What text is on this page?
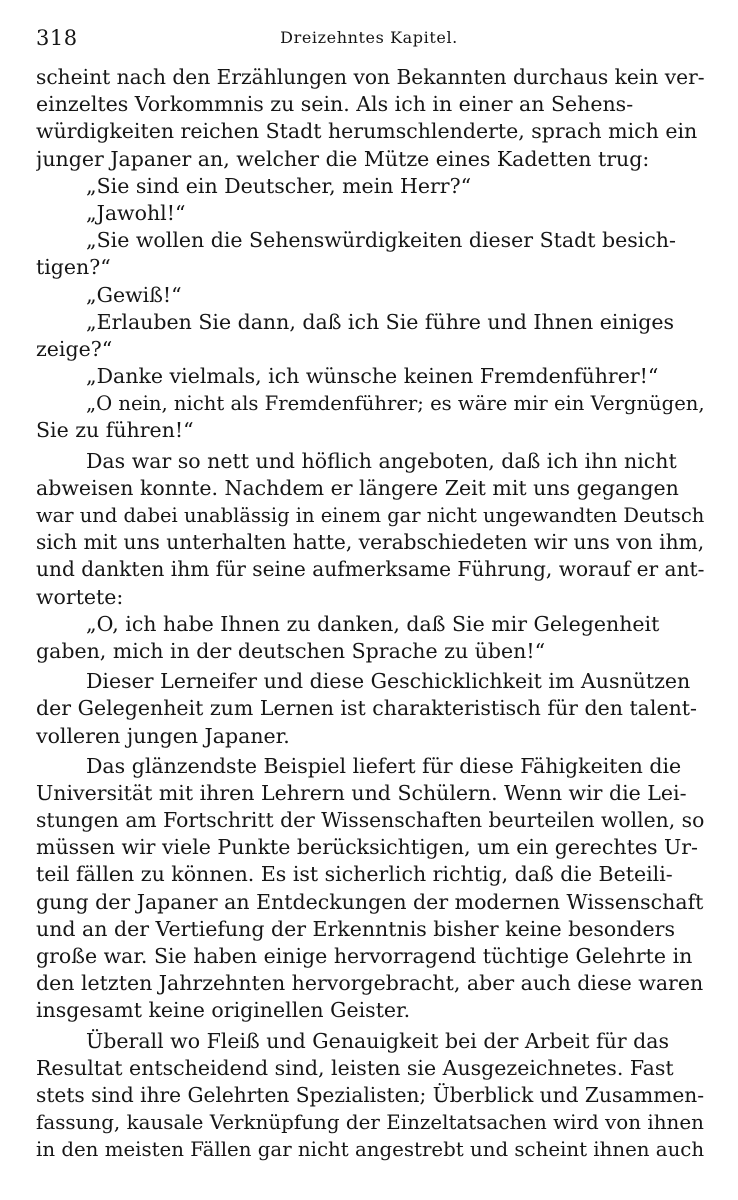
318	Dreizehntes Kapitel.
scheint nach den Erzählungen von Bekannten durchaus kein ver-
einzeltes Vorkommnis zu sein. Als ich in einer an Sehens-
würdigkeiten reichen Stadt herumschlenderte, sprach mich ein
junger Japaner an, welcher die Mütze eines Kadetten trug:
„Sie sind ein Deutscher, mein Herr?“
„Jawohl!“
„Sie wollen die Sehenswürdigkeiten dieser Stadt besich-
tigen?“
„Gewiß!“
„Erlauben Sie dann, daß ich Sie führe und Ihnen einiges
zeige?“
„Danke vielmals, ich wünsche keinen Fremdenführer!“
„O nein, nicht als Fremdenführer; es wäre mir ein Vergnügen,
Sie zu führen!“
Das war so nett und höflich angeboten, daß ich ihn nicht
abweisen konnte. Nachdem er längere Zeit mit uns gegangen
war und dabei unablässig in einem gar nicht ungewandten Deutsch
sich mit uns unterhalten hatte, verabschiedeten wir uns von ihm,
und dankten ihm für seine aufmerksame Führung, worauf er ant-
wortete:
„O, ich habe Ihnen zu danken, daß Sie mir Gelegenheit
gaben, mich in der deutschen Sprache zu üben!“
Dieser Lerneifer und diese Geschicklichkeit im Ausnützen
der Gelegenheit zum Lernen ist charakteristisch für den talent-
volleren jungen Japaner.
Das glänzendste Beispiel liefert für diese Fähigkeiten die
Universität mit ihren Lehrern und Schülern. Wenn wir die Lei-
stungen am Fortschritt der Wissenschaften beurteilen wollen, so
müssen wir viele Punkte berücksichtigen, um ein gerechtes Ur-
teil fällen zu können. Es ist sicherlich richtig, daß die Beteili-
gung der Japaner an Entdeckungen der modernen Wissenschaft
und an der Vertiefung der Erkenntnis bisher keine besonders
große war. Sie haben einige hervorragend tüchtige Gelehrte in
den letzten Jahrzehnten hervorgebracht, aber auch diese waren
insgesamt keine originellen Geister.
Überall wo Fleiß und Genauigkeit bei der Arbeit für das
Resultat entscheidend sind, leisten sie Ausgezeichnetes. Fast
stets sind ihre Gelehrten Spezialisten; Überblick und Zusammen-
fassung, kausale Verknüpfung der Einzeltatsachen wird von ihnen
in den meisten Fällen gar nicht angestrebt und scheint ihnen auch
